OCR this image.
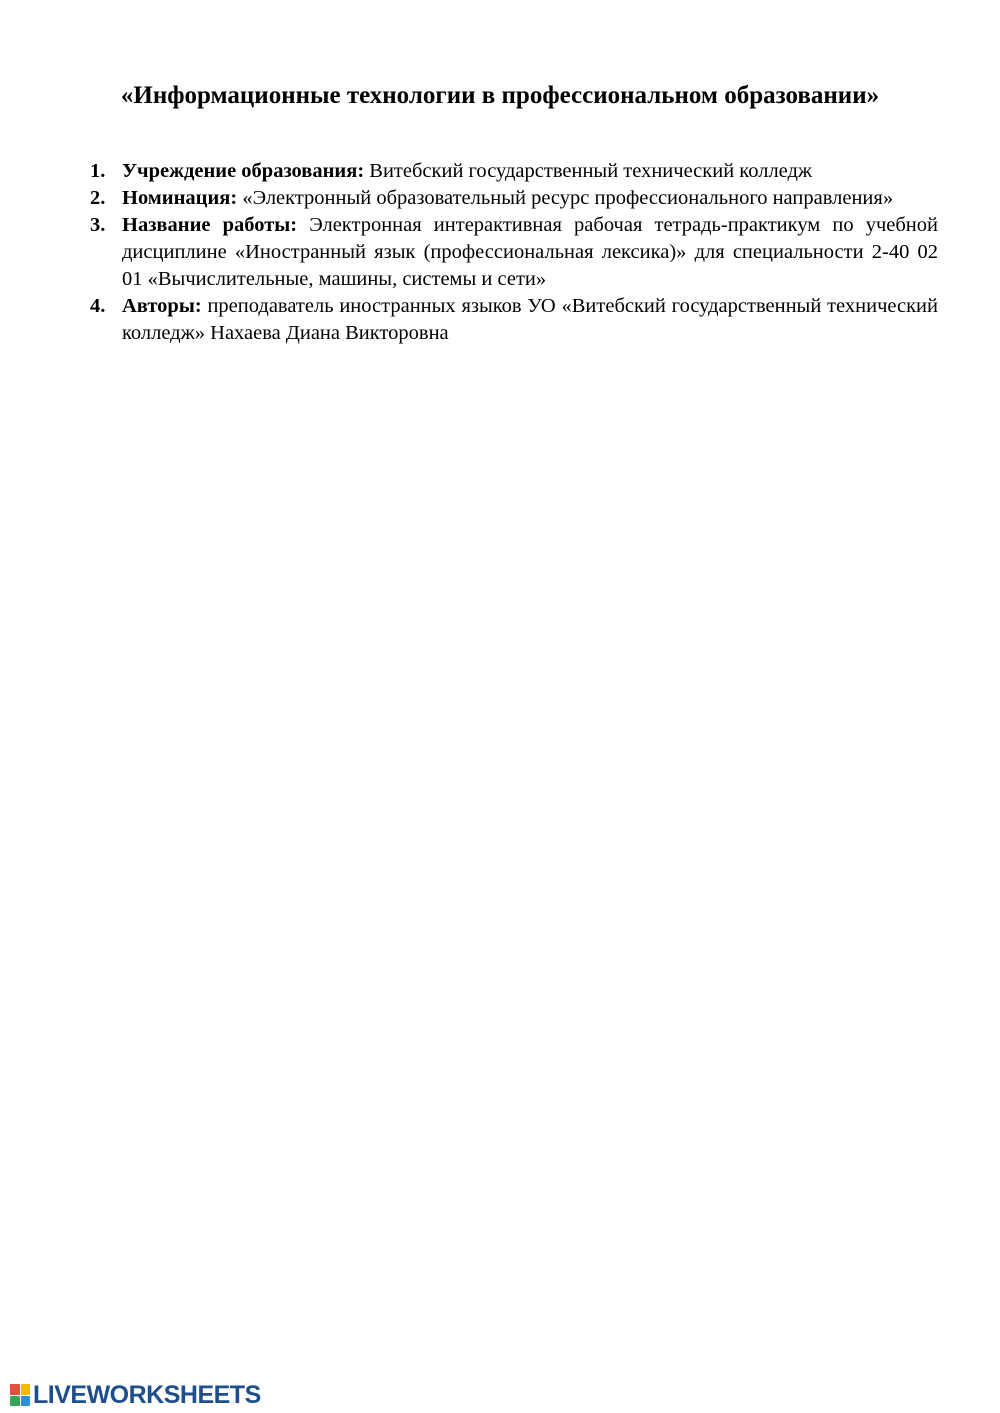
«Информационные технологии в профессиональном образовании»
1. Учреждение образования: Витебский государственный технический колледж
2. Номинация: «Электронный образовательный ресурс профессионального направления»
3. Название работы: Электронная интерактивная рабочая тетрадь-практикум по учебной дисциплине «Иностранный язык (профессиональная лексика)» для специальности 2-40 02 01 «Вычислительные, машины, системы и сети»
4. Авторы: преподаватель иностранных языков УО «Витебский государственный технический колледж» Нахаева Диана Викторовна
LIVEWORKSHEETS
